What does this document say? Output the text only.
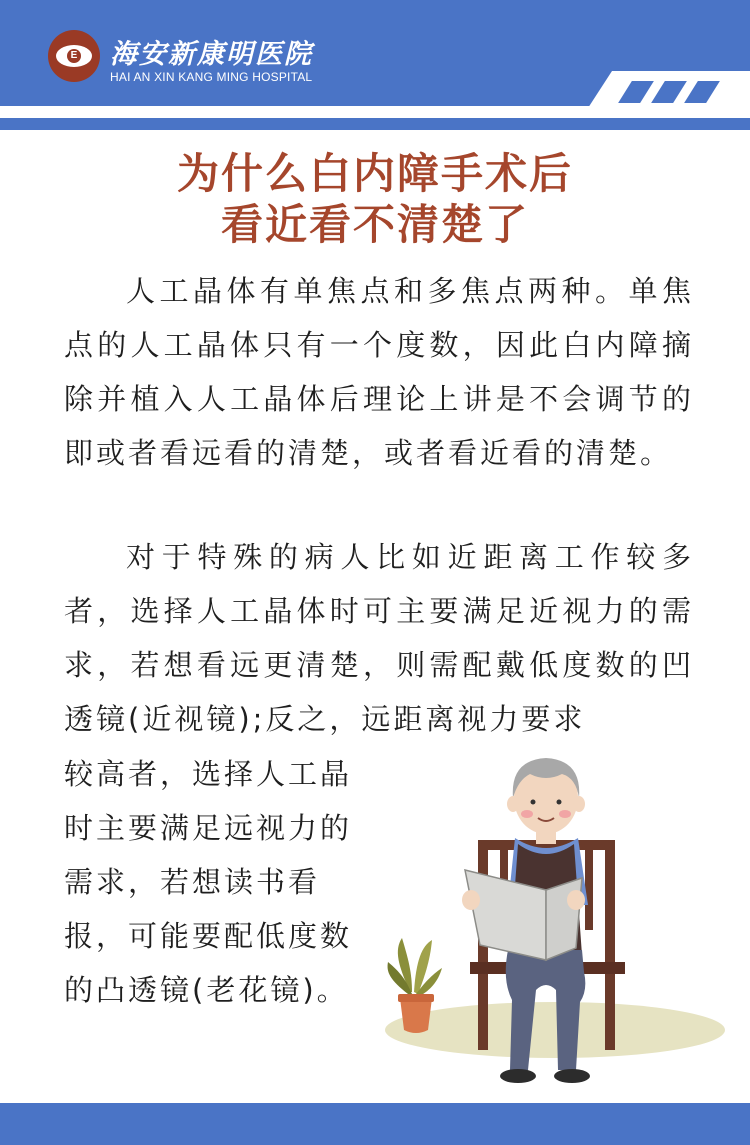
E 海安新康明医院
HAI AN XIN KANG MING HOSPITAL
为什么白内障手术后
看近看不清楚了

人工晶体有单焦点和多焦点两种。单焦点的人工晶体只有一个度数，因此白内障摘除并植入人工晶体后理论上讲是不会调节的即或者看远看的清楚，或者看近看的清楚。

对于特殊的病人比如近距离工作较多者，选择人工晶体时可主要满足近视力的需求，若想看远更清楚，则需配戴低度数的凹透镜(近视镜);反之，远距离视力要求

较高者，选择人工晶时主要满足远视力的需求，若想读书看报，可能要配低度数的凸透镜(老花镜)。
